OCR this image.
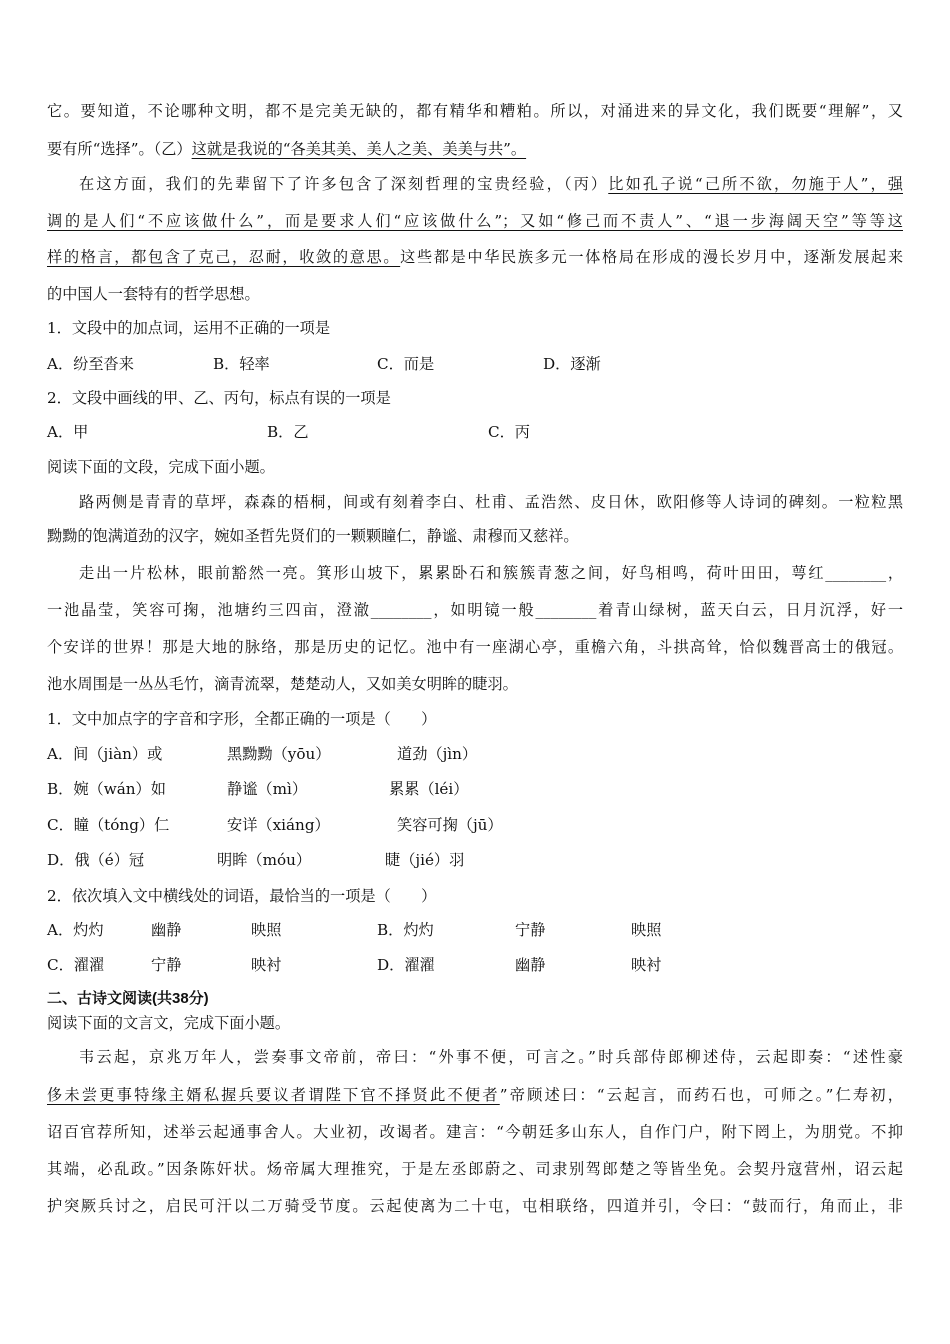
它。要知道，不论哪种文明，都不是完美无缺的，都有精华和糟粕。所以，对涌进来的异文化，我们既要“理解”，又
要有所“选择”。（乙）这就是我说的“各美其美、美人之美、美美与共”。
在这方面，我们的先辈留下了许多包含了深刻哲理的宝贵经验，（丙）比如孔子说“己所不欲，勿施于人”，强
调的是人们“不应该做什么”，而是要求人们“应该做什么”；又如“修己而不责人”、“退一步海阔天空”等等这
样的格言，都包含了克己，忍耐，收敛的意思。这些都是中华民族多元一体格局在形成的漫长岁月中，逐渐发展起来
的中国人一套特有的哲学思想。
1．文段中的加点词，运用不正确的一项是
A．纷至沓来	B．轻率	C．而是	D．逐渐
2．文段中画线的甲、乙、丙句，标点有误的一项是
A．甲	B．乙	C．丙
阅读下面的文段，完成下面小题。
路两侧是青青的草坪，森森的梧桐，间或有刻着李白、杜甫、孟浩然、皮日休，欧阳修等人诗词的碑刻。一粒粒黑
黝黝的饱满道劲的汉字，婉如圣哲先贤们的一颗颗瞳仁，静谧、肃穆而又慈祥。
走出一片松林，眼前豁然一亮。箕形山坡下，累累卧石和簇簇青葱之间，好鸟相鸣，荷叶田田，萼红________，
一池晶莹，笑容可掬，池塘约三四亩，澄澈________，如明镜一般________着青山绿树，蓝天白云，日月沉浮，好一
个安详的世界！那是大地的脉络，那是历史的记忆。池中有一座湖心亭，重檐六角，斗拱高耸，恰似魏晋高士的俄冠。
池水周围是一丛丛毛竹，滴青流翠，楚楚动人，又如美女明眸的睫羽。
1．文中加点字的字音和字形，全都正确的一项是（　　）
A．间（jiàn）或	黑黝黝（yōu）	道劲（jìn）
B．婉（wán）如	静谧（mì）	累累（léi）
C．瞳（tóng）仁	安详（xiáng）	笑容可掬（jū）
D．俄（é）冠	明眸（móu）	睫（jié）羽
2．依次填入文中横线处的词语，最恰当的一项是（　　）
A．灼灼	幽静	映照	B．灼灼	宁静	映照
C．濯濯	宁静	映衬	D．濯濯	幽静	映衬
二、古诗文阅读(共38分)
阅读下面的文言文，完成下面小题。
韦云起，京兆万年人，尝奏事文帝前，帝曰：“外事不便，可言之。”时兵部侍郎柳述侍，云起即奏：“述性豪
侈未尝更事特缘主婿私握兵要议者谓陛下官不择贤此不便者”帝顾述曰：“云起言，而药石也，可师之。”仁寿初，
诏百官荐所知，述举云起通事舍人。大业初，改谒者。建言：“今朝廷多山东人，自作门户，附下罔上，为朋党。不抑
其端，必乱政。”因条陈奸状。炀帝属大理推究，于是左丞郎蔚之、司隶别驾郎楚之等皆坐免。会契丹寇营州，诏云起
护突厥兵讨之，启民可汗以二万骑受节度。云起使离为二十屯，屯相联络，四道并引，令曰：“鼓而行，角而止，非
